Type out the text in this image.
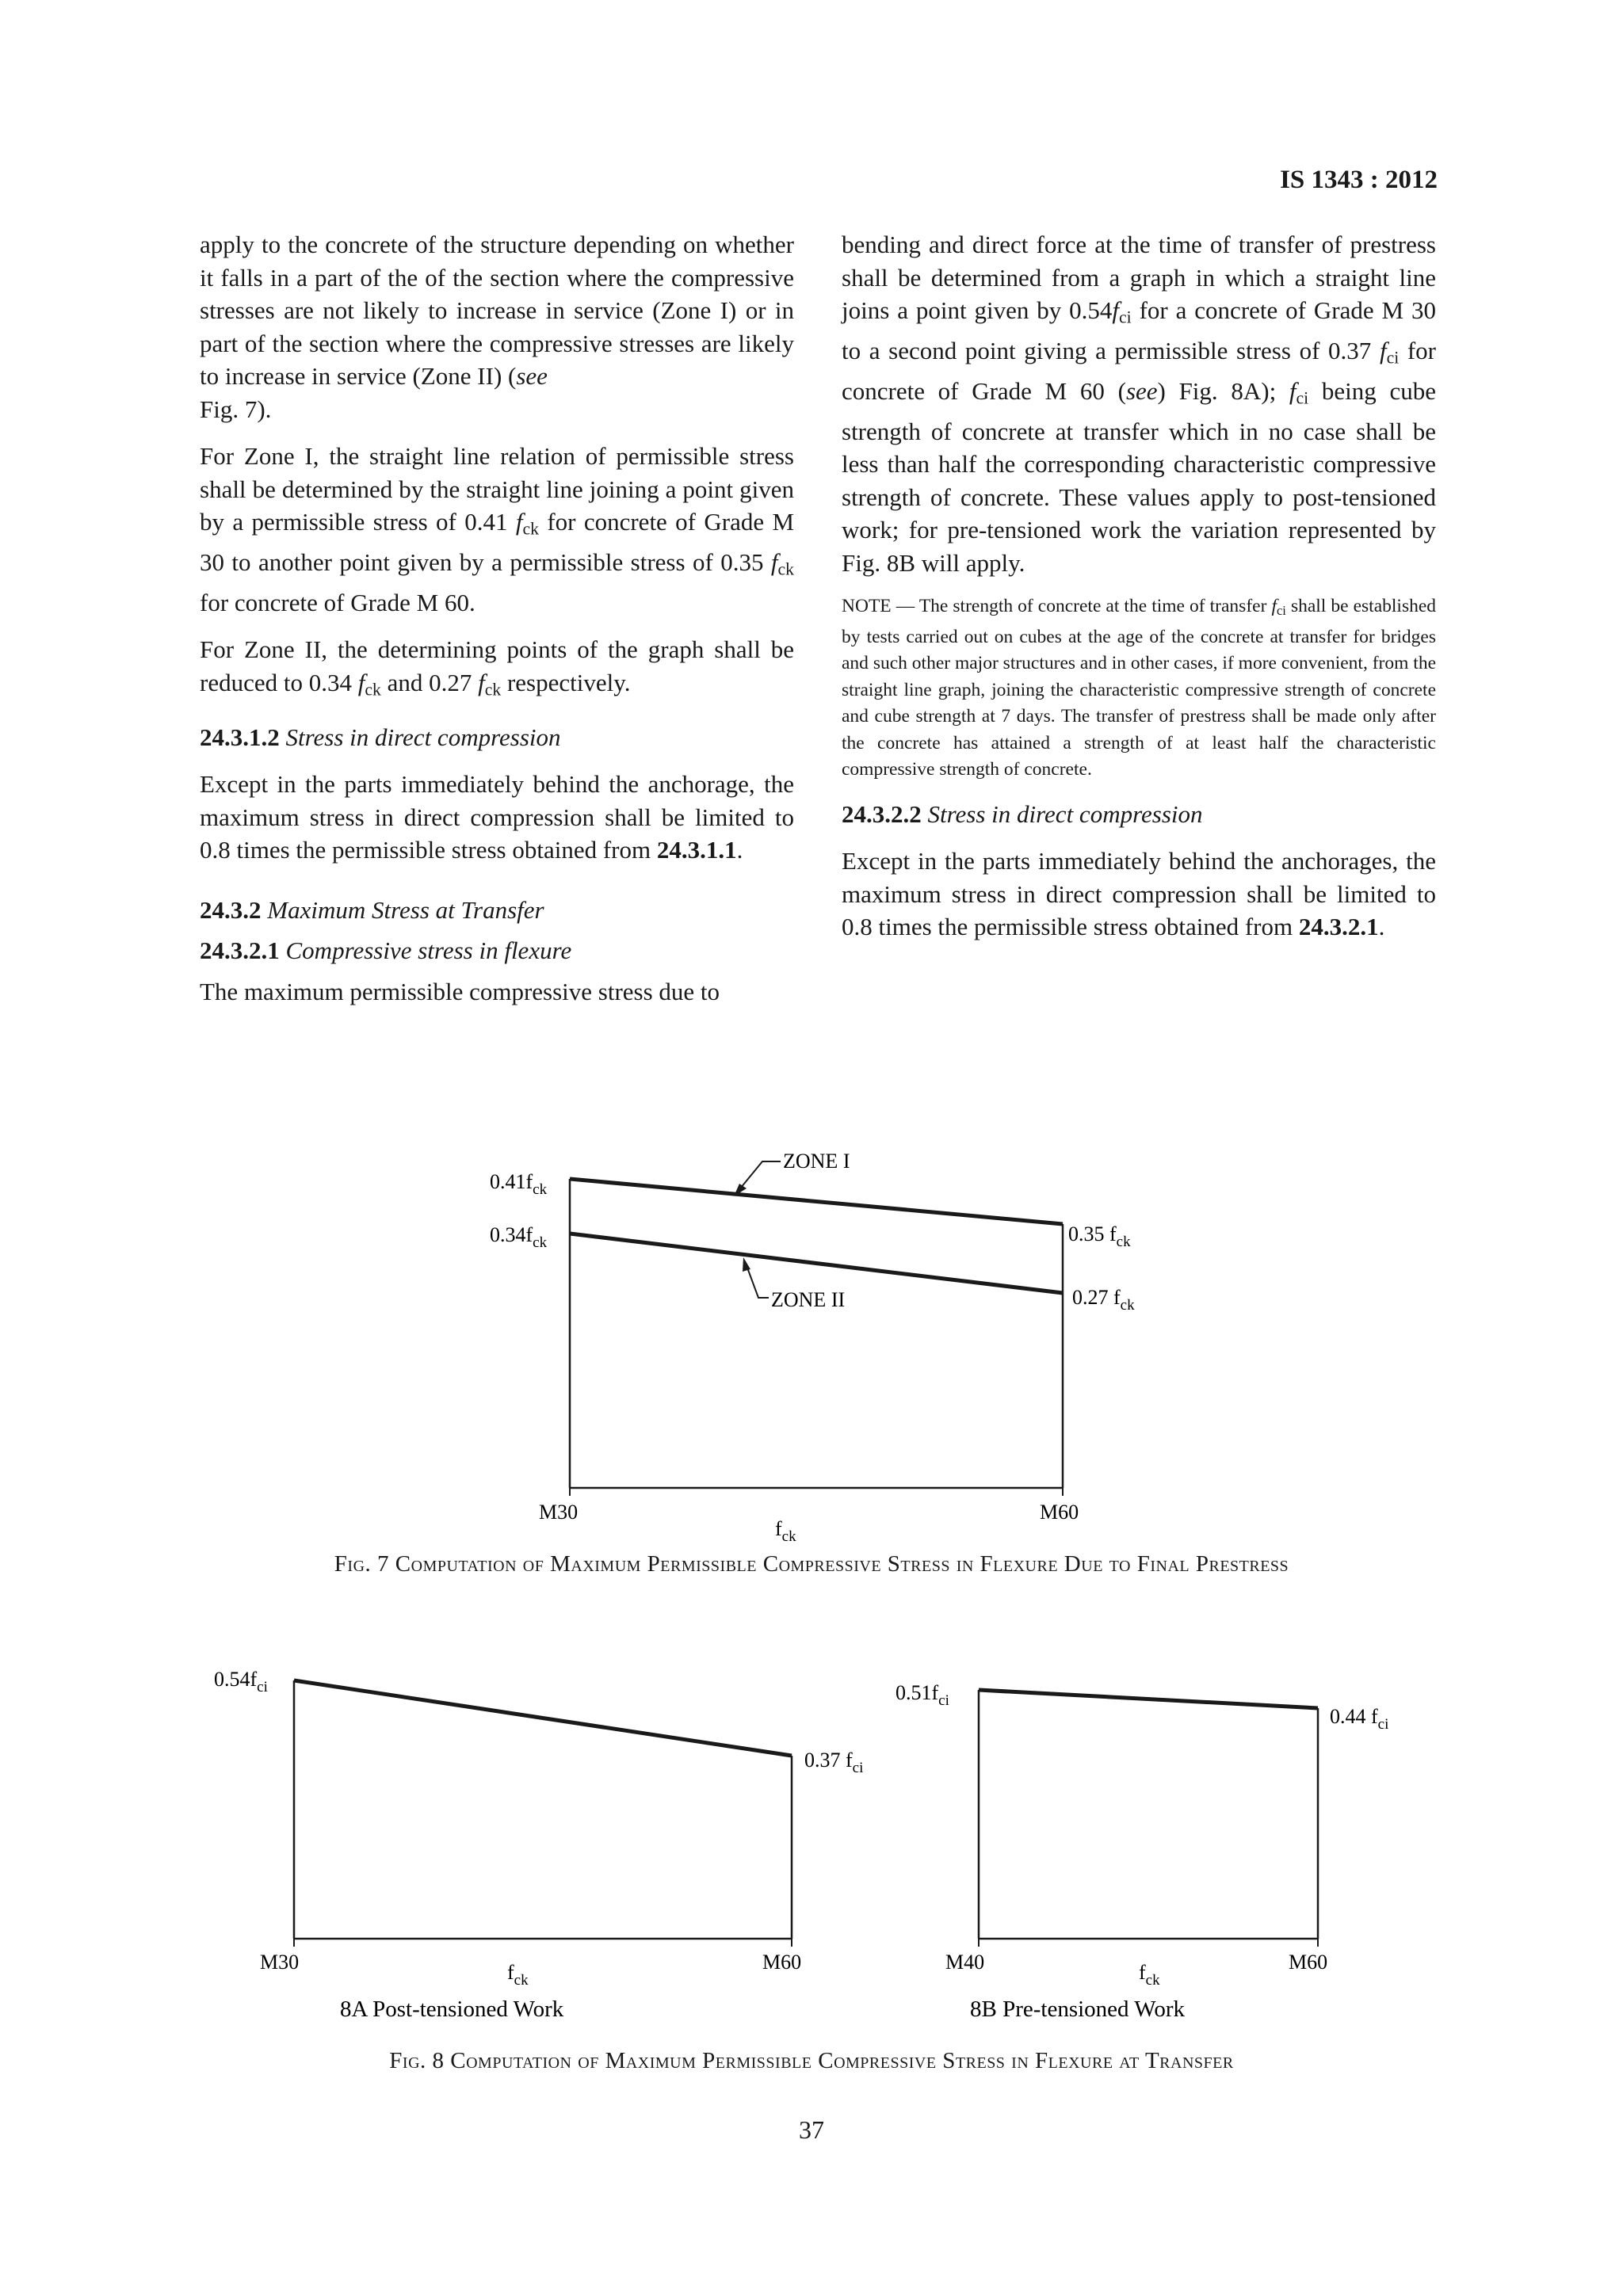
IS 1343 : 2012

apply to the concrete of the structure depending on whether it falls in a part of the of the section where the compressive stresses are not likely to increase in service (Zone I) or in part of the section where the compressive stresses are likely to increase in service (Zone II) (see
Fig. 7).

For Zone I, the straight line relation of permissible stress shall be determined by the straight line joining a point given by a permissible stress of 0.41 $f_{ck}$ for concrete of Grade M 30 to another point given by a permissible stress of 0.35 $f_{ck}$ for concrete of Grade M 60.

For Zone II, the determining points of the graph shall be reduced to 0.34 $f_{ck}$ and 0.27 $f_{ck}$ respectively.

24.3.1.2 Stress in direct compression

Except in the parts immediately behind the anchorage, the maximum stress in direct compression shall be limited to 0.8 times the permissible stress obtained from 24.3.1.1.

24.3.2 Maximum Stress at Transfer

24.3.2.1 Compressive stress in flexure

The maximum permissible compressive stress due to

bending and direct force at the time of transfer of prestress shall be determined from a graph in which a straight line joins a point given by $0.54f_{ci}$ for a concrete of Grade M 30 to a second point giving a permissible stress of 0.37 $f_{ci}$ for concrete of Grade M 60 (see) Fig. 8A); $f_{ci}$ being cube strength of concrete at transfer which in no case shall be less than half the corresponding characteristic compressive strength of concrete. These values apply to post-tensioned work; for pre-tensioned work the variation represented by Fig. 8B will apply.

NOTE — The strength of concrete at the time of transfer $f_{ci}$ shall be established by tests carried out on cubes at the age of the concrete at transfer for bridges and such other major structures and in other cases, if more convenient, from the straight line graph, joining the characteristic compressive strength of concrete and cube strength at 7 days. The transfer of prestress shall be made only after the concrete has attained a strength of at least half the characteristic compressive strength of concrete.

24.3.2.2 Stress in direct compression

Except in the parts immediately behind the anchorages, the maximum stress in direct compression shall be limited to 0.8 times the permissible stress obtained from 24.3.2.1.

ZONE I
ZONE II
$0.41f_{ck}$
$0.34f_{ck}$	0.35 $f_{ck}$
0.27 $f_{ck}$
M30	M60
$f_{ck}$
$0.54f_{ci}$
0.37 $f_{ci}$
M30	M60
$f_{ck}$
8A Post-tensioned Work
$0.51f_{ci}$
0.44 $f_{ci}$
M40	M60
$f_{ck}$
8B Pre-tensioned Work
Fig. 7 Computation of Maximum Permissible Compressive Stress in Flexure Due to Final Prestress
Fig. 8 Computation of Maximum Permissible Compressive Stress in Flexure at Transfer
37
